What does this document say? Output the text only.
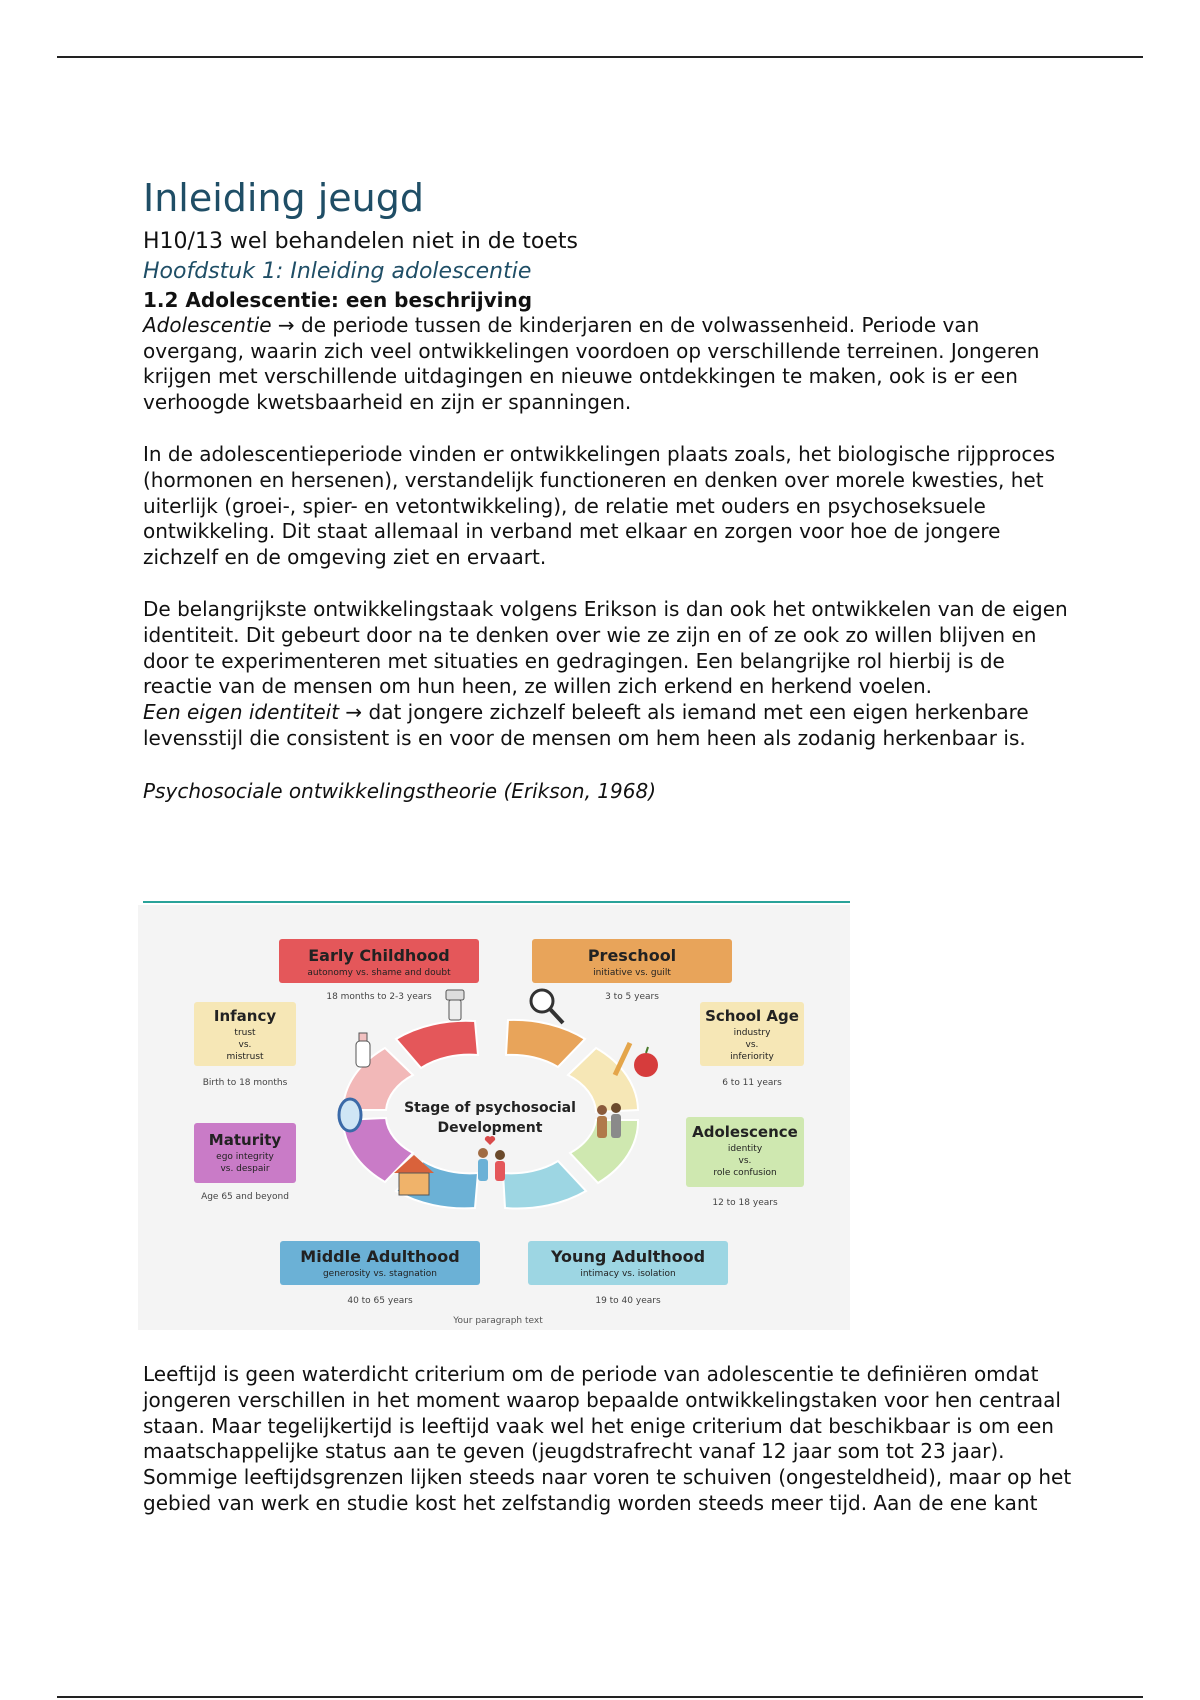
Inleiding jeugd

H10/13 wel behandelen niet in de toets

Hoofdstuk 1: Inleiding adolescentie

1.2 Adolescentie: een beschrijving

Adolescentie → de periode tussen de kinderjaren en de volwassenheid. Periode van overgang, waarin zich veel ontwikkelingen voordoen op verschillende terreinen. Jongeren krijgen met verschillende uitdagingen en nieuwe ontdekkingen te maken, ook is er een verhoogde kwetsbaarheid en zijn er spanningen.

In de adolescentieperiode vinden er ontwikkelingen plaats zoals, het biologische rijpproces (hormonen en hersenen), verstandelijk functioneren en denken over morele kwesties, het uiterlijk (groei-, spier- en vetontwikkeling), de relatie met ouders en psychoseksuele ontwikkeling. Dit staat allemaal in verband met elkaar en zorgen voor hoe de jongere zichzelf en de omgeving ziet en ervaart.

De belangrijkste ontwikkelingstaak volgens Erikson is dan ook het ontwikkelen van de eigen identiteit. Dit gebeurt door na te denken over wie ze zijn en of ze ook zo willen blijven en door te experimenteren met situaties en gedragingen. Een belangrijke rol hierbij is de reactie van de mensen om hun heen, ze willen zich erkend en herkend voelen.

Een eigen identiteit → dat jongere zichzelf beleeft als iemand met een eigen herkenbare levensstijl die consistent is en voor de mensen om hem heen als zodanig herkenbaar is.

Psychosociale ontwikkelingstheorie (Erikson, 1968)

Stage of psychosocial
Development
Early Childhood
autonomy vs. shame and doubt
18 months to 2-3 years
Preschool
initiative vs. guilt
3 to 5 years
Infancy
trust
vs.
mistrust
Birth to 18 months
School Age
industry
vs.
inferiority
6 to 11 years
Maturity
ego integrity
vs. despair
Age 65 and beyond
Adolescence
identity
vs.
role confusion
12 to 18 years
Middle Adulthood
generosity vs. stagnation
40 to 65 years
Young Adulthood
intimacy vs. isolation
19 to 40 years
Your paragraph text

Leeftijd is geen waterdicht criterium om de periode van adolescentie te definiëren omdat jongeren verschillen in het moment waarop bepaalde ontwikkelingstaken voor hen centraal staan. Maar tegelijkertijd is leeftijd vaak wel het enige criterium dat beschikbaar is om een maatschappelijke status aan te geven (jeugdstrafrecht vanaf 12 jaar som tot 23 jaar). Sommige leeftijdsgrenzen lijken steeds naar voren te schuiven (ongesteldheid), maar op het gebied van werk en studie kost het zelfstandig worden steeds meer tijd. Aan de ene kant
